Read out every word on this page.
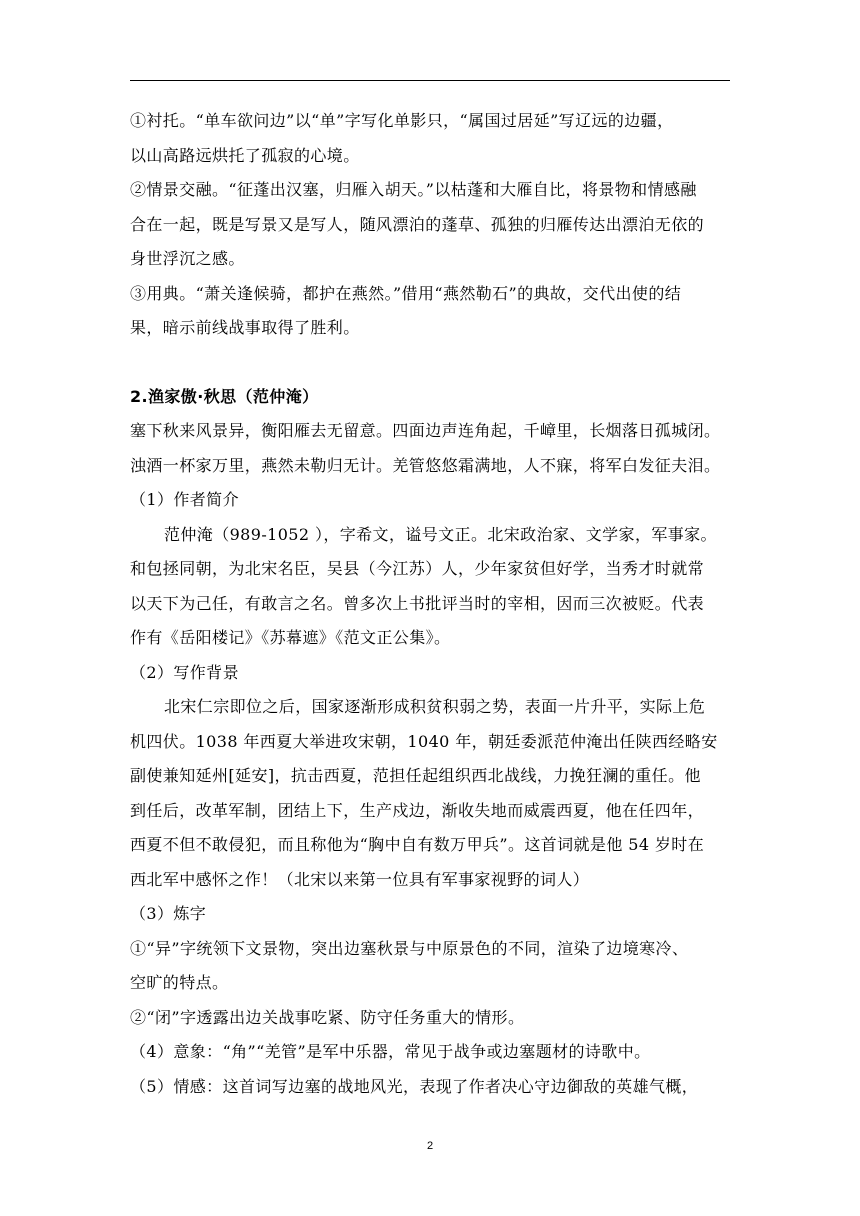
①衬托。“单车欲问边”以“单”字写化单影只，“属国过居延”写辽远的边疆，

以山高路远烘托了孤寂的心境。

②情景交融。“征蓬出汉塞，归雁入胡天。”以枯蓬和大雁自比，将景物和情感融

合在一起，既是写景又是写人，随风漂泊的蓬草、孤独的归雁传达出漂泊无依的

身世浮沉之感。

③用典。“萧关逢候骑，都护在燕然。”借用“燕然勒石”的典故，交代出使的结

果，暗示前线战事取得了胜利。

2.渔家傲·秋思（范仲淹）

塞下秋来风景异，衡阳雁去无留意。四面边声连角起，千嶂里，长烟落日孤城闭。

浊酒一杯家万里，燕然未勒归无计。羌管悠悠霜满地，人不寐，将军白发征夫泪。

（1）作者简介

范仲淹（989-1052 ），字希文，谥号文正。北宋政治家、文学家，军事家。

和包拯同朝，为北宋名臣，吴县（今江苏）人，少年家贫但好学，当秀才时就常

以天下为己任，有敢言之名。曾多次上书批评当时的宰相，因而三次被贬。代表

作有《岳阳楼记》《苏幕遮》《范文正公集》。

（2）写作背景

北宋仁宗即位之后，国家逐渐形成积贫积弱之势，表面一片升平，实际上危

机四伏。1038 年西夏大举进攻宋朝，1040 年，朝廷委派范仲淹出任陕西经略安

副使兼知延州[延安]，抗击西夏，范担任起组织西北战线，力挽狂澜的重任。他

到任后，改革军制，团结上下，生产戍边，渐收失地而威震西夏，他在任四年，

西夏不但不敢侵犯，而且称他为“胸中自有数万甲兵”。这首词就是他 54 岁时在

西北军中感怀之作！（北宋以来第一位具有军事家视野的词人）

（3）炼字

①“异”字统领下文景物，突出边塞秋景与中原景色的不同，渲染了边境寒冷、

空旷的特点。

②“闭”字透露出边关战事吃紧、防守任务重大的情形。

（4）意象：“角”“羌管”是军中乐器，常见于战争或边塞题材的诗歌中。

（5）情感：这首词写边塞的战地风光，表现了作者决心守边御敌的英雄气概，

2
